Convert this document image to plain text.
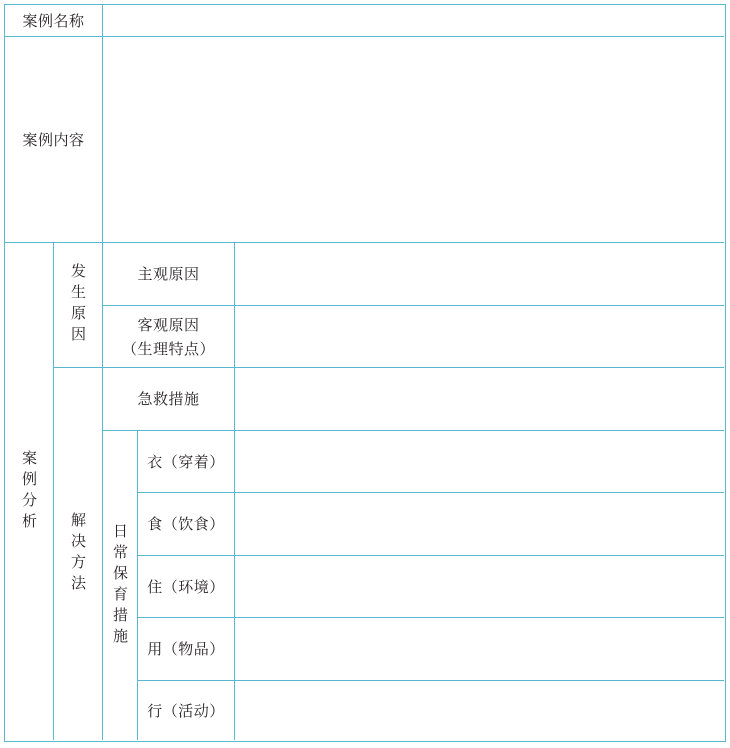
案例名称
案例内容
案例分析
发生原因	主观原因
客观原因
（生理特点）
解决方法
急救措施
日常保育措施
衣（穿着）
食（饮食）
住（环境）
用（物品）
行（活动）
